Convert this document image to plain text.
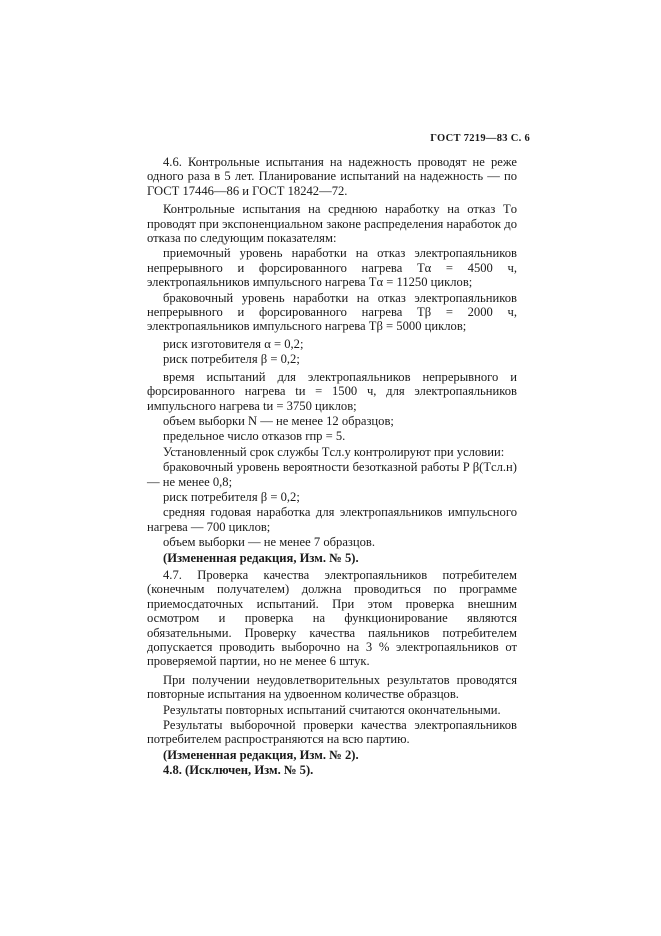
ГОСТ 7219—83 С. 6

4.6. Контрольные испытания на надежность проводят не реже одного раза в 5 лет. Планирование испытаний на надежность — по ГОСТ 17446—86 и ГОСТ 18242—72.

Контрольные испытания на среднюю наработку на отказ Tо проводят при экспоненциальном законе распределения наработок до отказа по следующим показателям:

приемочный уровень наработки на отказ электропаяльников непрерывного и форсированного нагрева Tα = 4500 ч, электропаяльников импульсного нагрева Tα = 11250 циклов;

браковочный уровень наработки на отказ электропаяльников непрерывного и форсированного нагрева Tβ = 2000 ч, электропаяльников импульсного нагрева Tβ = 5000 циклов;

риск изготовителя α = 0,2;

риск потребителя β = 0,2;

время испытаний для электропаяльников непрерывного и форсированного нагрева tи = 1500 ч, для электропаяльников импульсного нагрева tи = 3750 циклов;

объем выборки N — не менее 12 образцов;

предельное число отказов rпр = 5.

Установленный срок службы Tсл.у контролируют при условии:

браковочный уровень вероятности безотказной работы P β(Tсл.н) — не менее 0,8;

риск потребителя β = 0,2;

средняя годовая наработка для электропаяльников импульсного нагрева — 700 циклов;

объем выборки — не менее 7 образцов.

(Измененная редакция, Изм. № 5).

4.7. Проверка качества электропаяльников потребителем (конечным получателем) должна проводиться по программе приемосдаточных испытаний. При этом проверка внешним осмотром и проверка на функционирование являются обязательными. Проверку качества паяльников потребителем допускается проводить выборочно на 3 % электропаяльников от проверяемой партии, но не менее 6 штук.

При получении неудовлетворительных результатов проводятся повторные испытания на удвоенном количестве образцов.

Результаты повторных испытаний считаются окончательными.

Результаты выборочной проверки качества электропаяльников потребителем распространяются на всю партию.

(Измененная редакция, Изм. № 2).

4.8. (Исключен, Изм. № 5).
